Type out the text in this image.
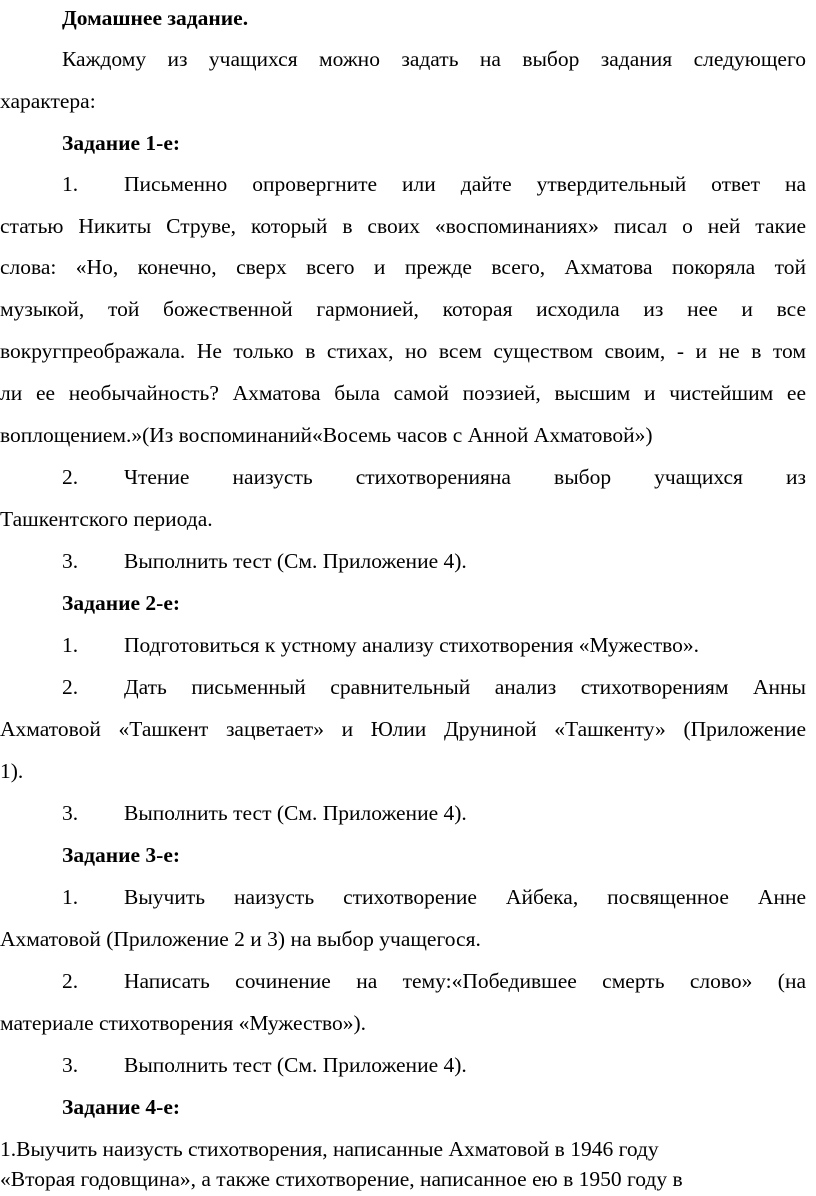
Домашнее задание.
Каждому из учащихся можно задать на выбор задания следующего
характера:
Задание 1-е:
1. Письменно опровергните или дайте утвердительный ответ на
статью Никиты Струве, который в своих «воспоминаниях» писал о ней такие
слова: «Но, конечно, сверх всего и прежде всего, Ахматова покоряла той
музыкой, той божественной гармонией, которая исходила из нее и все
вокругпреображала. Не только в стихах, но всем существом своим, - и не в том
ли ее необычайность? Ахматова была самой поэзией, высшим и чистейшим ее
воплощением.»(Из воспоминаний«Восемь часов с Анной Ахматовой»)
2. Чтение наизусть стихотворенияна выбор учащихся из
Ташкентского периода.
3. Выполнить тест (См. Приложение 4).
Задание 2-е:
1. Подготовиться к устному анализу стихотворения «Мужество».
2. Дать письменный сравнительный анализ стихотворениям Анны
Ахматовой «Ташкент зацветает» и Юлии Друниной «Ташкенту» (Приложение
1).
3. Выполнить тест (См. Приложение 4).
Задание 3-е:
1. Выучить наизусть стихотворение Айбека, посвященное Анне
Ахматовой (Приложение 2 и 3) на выбор учащегося.
2. Написать сочинение на тему:«Победившее смерть слово» (на
материале стихотворения «Мужество»).
3. Выполнить тест (См. Приложение 4).
Задание 4-е:
1.Выучить наизусть стихотворения, написанные Ахматовой в 1946 году
«Вторая годовщина», а также стихотворение, написанное ею в 1950 году в
